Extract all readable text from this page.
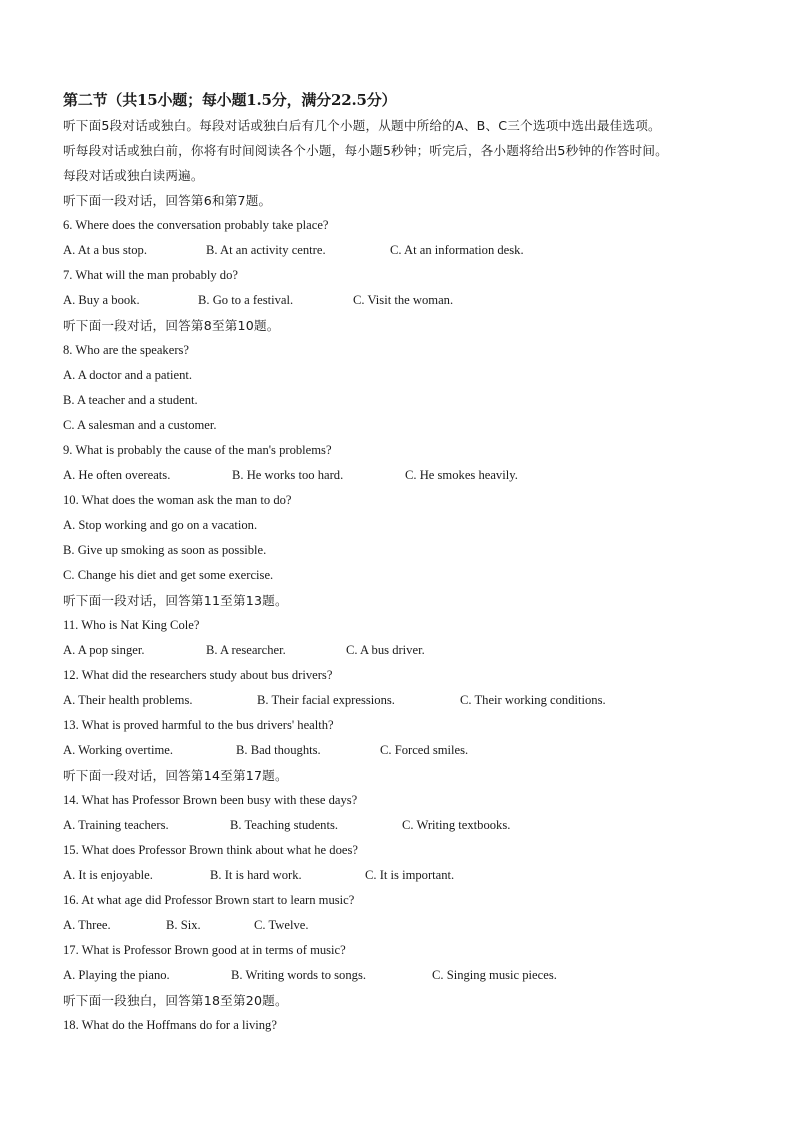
第二节（共15小题；每小题1.5分，满分22.5分）
听下面5段对话或独白。每段对话或独白后有几个小题，从题中所给的A、B、C三个选项中选出最佳选项。
听每段对话或独白前，你将有时间阅读各个小题，每小题5秒钟；听完后，各小题将给出5秒钟的作答时间。
每段对话或独白读两遍。
听下面一段对话，回答第6和第7题。
6. Where does the conversation probably take place?
A. At a bus stop.	B. At an activity centre.	C. At an information desk.
7. What will the man probably do?
A. Buy a book.	B. Go to a festival.	C. Visit the woman.
听下面一段对话，回答第8至第10题。
8. Who are the speakers?
A. A doctor and a patient.
B. A teacher and a student.
C. A salesman and a customer.
9. What is probably the cause of the man's problems?
A. He often overeats.	B. He works too hard.	C. He smokes heavily.
10. What does the woman ask the man to do?
A. Stop working and go on a vacation.
B. Give up smoking as soon as possible.
C. Change his diet and get some exercise.
听下面一段对话，回答第11至第13题。
11. Who is Nat King Cole?
A. A pop singer.	B. A researcher.	C. A bus driver.
12. What did the researchers study about bus drivers?
A. Their health problems.	B. Their facial expressions.	C. Their working conditions.
13. What is proved harmful to the bus drivers' health?
A. Working overtime.	B. Bad thoughts.	C. Forced smiles.
听下面一段对话，回答第14至第17题。
14. What has Professor Brown been busy with these days?
A. Training teachers.	B. Teaching students.	C. Writing textbooks.
15. What does Professor Brown think about what he does?
A. It is enjoyable.	B. It is hard work.	C. It is important.
16. At what age did Professor Brown start to learn music?
A. Three.	B. Six.	C. Twelve.
17. What is Professor Brown good at in terms of music?
A. Playing the piano.	B. Writing words to songs.	C. Singing music pieces.
听下面一段独白，回答第18至第20题。
18. What do the Hoffmans do for a living?
